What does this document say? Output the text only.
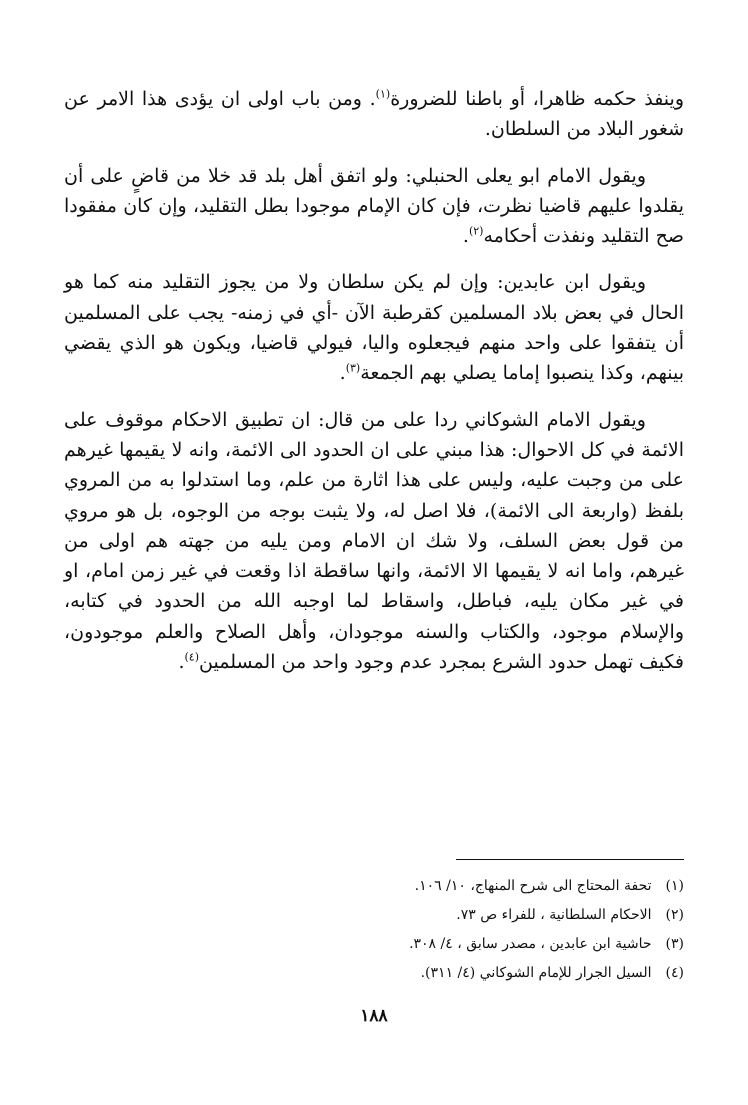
وينفذ حكمه ظاهرا، أو باطنا للضرورة$^{(١)}$. ومن باب اولى ان يؤدى هذا الامر عن شغور البلاد من السلطان.

ويقول الامام ابو يعلى الحنبلي: ولو اتفق أهل بلد قد خلا من قاضٍ على أن يقلدوا عليهم قاضيا نظرت، فإن كان الإمام موجودا بطل التقليد، وإن كان مفقودا صح التقليد ونفذت أحكامه$^{(٢)}$.

ويقول ابن عابدين: وإن لم يكن سلطان ولا من يجوز التقليد منه كما هو الحال في بعض بلاد المسلمين كقرطبة الآن -أي في زمنه- يجب على المسلمين أن يتفقوا على واحد منهم فيجعلوه واليا، فيولي قاضيا، ويكون هو الذي يقضي بينهم، وكذا ينصبوا إماما يصلي بهم الجمعة$^{(٣)}$.

ويقول الامام الشوكاني ردا على من قال: ان تطبيق الاحكام موقوف على الائمة في كل الاحوال: هذا مبني على ان الحدود الى الائمة، وانه لا يقيمها غيرهم على من وجبت عليه، وليس على هذا اثارة من علم، وما استدلوا به من المروي بلفظ (واربعة الى الائمة)، فلا اصل له، ولا يثبت بوجه من الوجوه، بل هو مروي من قول بعض السلف، ولا شك ان الامام ومن يليه من جهته هم اولى من غيرهم، واما انه لا يقيمها الا الائمة، وانها ساقطة اذا وقعت في غير زمن امام، او في غير مكان يليه، فباطل، واسقاط لما اوجبه الله من الحدود في كتابه، والإسلام موجود، والكتاب والسنه موجودان، وأهل الصلاح والعلم موجودون، فكيف تهمل حدود الشرع بمجرد عدم وجود واحد من المسلمين$^{(٤)}$.

(١)تحفة المحتاج الى شرح المنهاج، ١٠/ ١٠٦.
(٢)الاحكام السلطانية ، للفراء ص ٧٣.
(٣)حاشية ابن عابدين ، مصدر سابق ، ٤/ ٣٠٨.
(٤)السيل الجرار للإمام الشوكاني (٤/ ٣١١).
١٨٨
